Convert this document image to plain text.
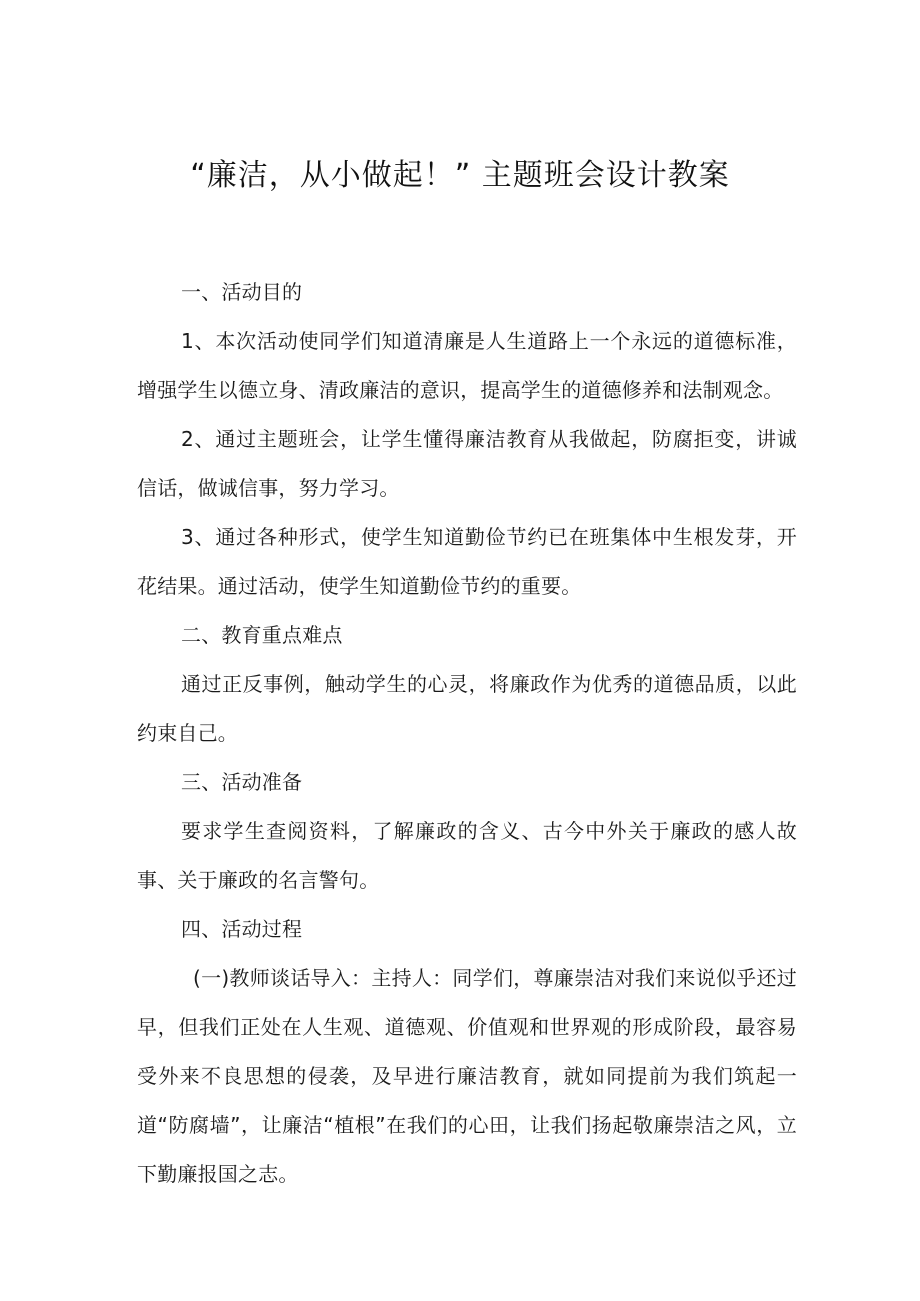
“廉洁，从小做起！” 主题班会设计教案

一、活动目的

1、本次活动使同学们知道清廉是人生道路上一个永远的道德标准，增强学生以德立身、清政廉洁的意识，提高学生的道德修养和法制观念。

2、通过主题班会，让学生懂得廉洁教育从我做起，防腐拒变，讲诚信话，做诚信事，努力学习。

3、通过各种形式，使学生知道勤俭节约已在班集体中生根发芽，开花结果。通过活动，使学生知道勤俭节约的重要。

二、教育重点难点

通过正反事例，触动学生的心灵，将廉政作为优秀的道德品质，以此约束自己。

三、活动准备

要求学生查阅资料，了解廉政的含义、古今中外关于廉政的感人故事、关于廉政的名言警句。

四、活动过程

(一)教师谈话导入：主持人：同学们，尊廉崇洁对我们来说似乎还过早，但我们正处在人生观、道德观、价值观和世界观的形成阶段，最容易受外来不良思想的侵袭，及早进行廉洁教育，就如同提前为我们筑起一道“防腐墙”，让廉洁“植根”在我们的心田，让我们扬起敬廉崇洁之风，立下勤廉报国之志。
